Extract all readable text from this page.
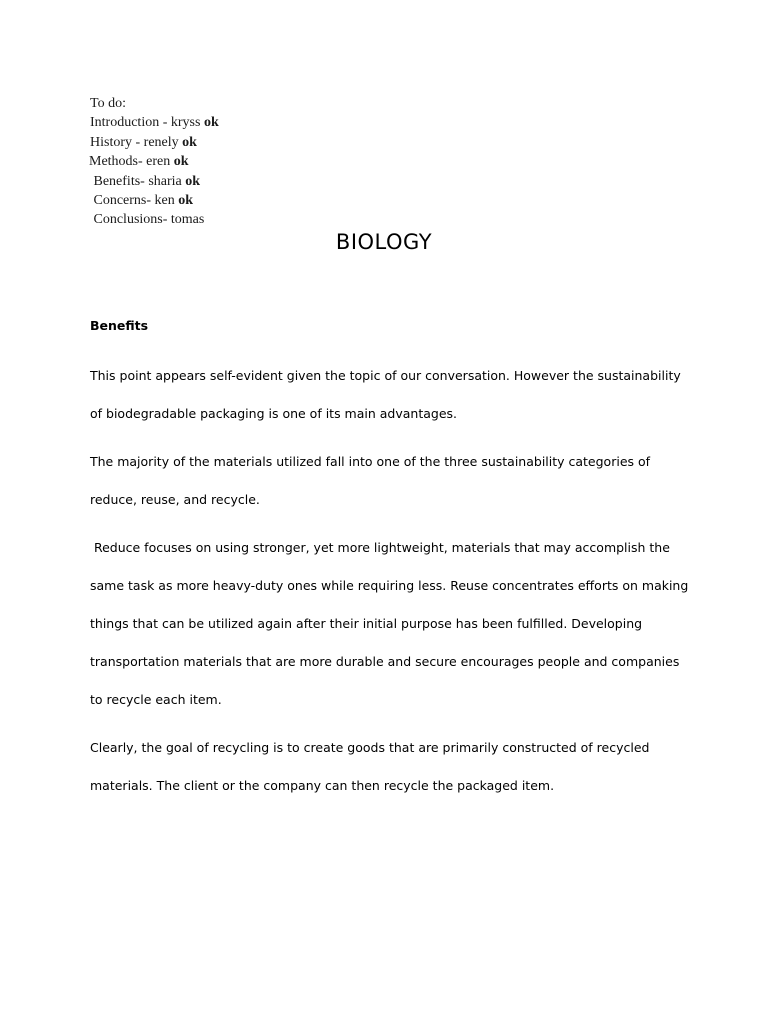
To do:
Introduction - kryss ok
History - renely ok
Methods- eren ok
Benefits- sharia ok
Concerns- ken ok
Conclusions- tomas
BIOLOGY
Benefits
This point appears self-evident given the topic of our conversation. However the sustainability
of biodegradable packaging is one of its main advantages.
The majority of the materials utilized fall into one of the three sustainability categories of
reduce, reuse, and recycle.
Reduce focuses on using stronger, yet more lightweight, materials that may accomplish the
same task as more heavy-duty ones while requiring less. Reuse concentrates efforts on making
things that can be utilized again after their initial purpose has been fulfilled. Developing
transportation materials that are more durable and secure encourages people and companies
to recycle each item.
Clearly, the goal of recycling is to create goods that are primarily constructed of recycled
materials. The client or the company can then recycle the packaged item.
